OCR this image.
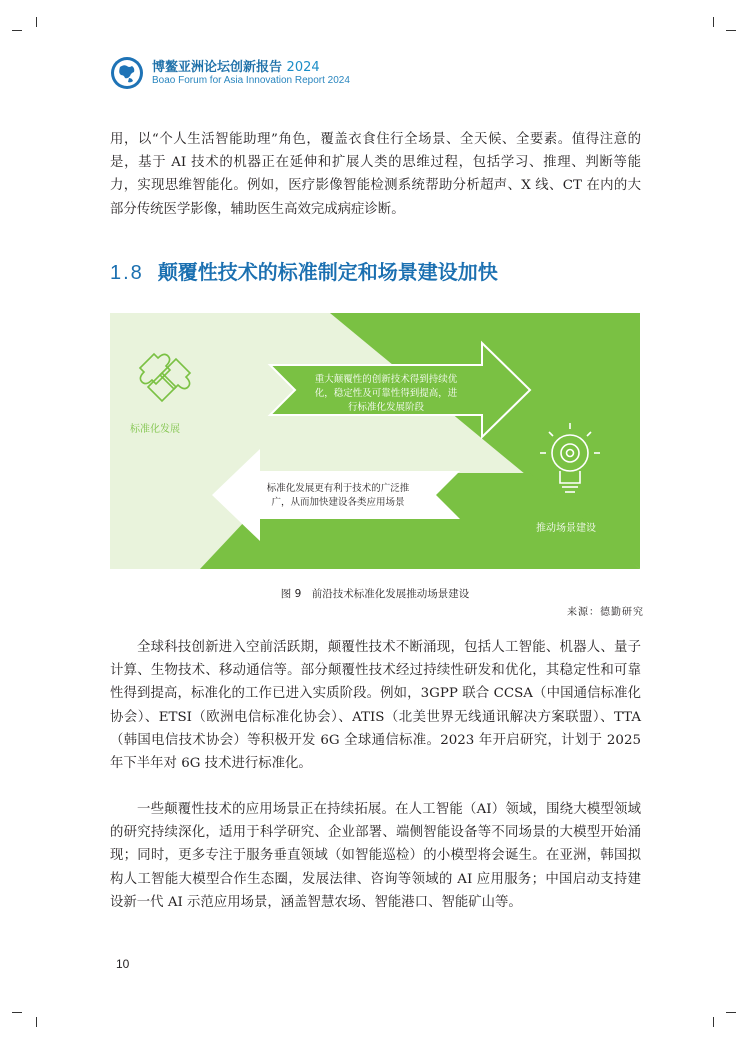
博鳌亚洲论坛创新报告 2024
Boao Forum for Asia Innovation Report 2024

用，以“个人生活智能助理”角色，覆盖衣食住行全场景、全天候、全要素。值得注意的是，基于 AI 技术的机器正在延伸和扩展人类的思维过程，包括学习、推理、判断等能力，实现思维智能化。例如，医疗影像智能检测系统帮助分析超声、X 线、CT 在内的大部分传统医学影像，辅助医生高效完成病症诊断。

1.8 颠覆性技术的标准制定和场景建设加快
标准化发展
推动场景建设
重大颠覆性的创新技术得到持续优
化，稳定性及可靠性得到提高，进
行标准化发展阶段
标准化发展更有利于技术的广泛推
广，从而加快建设各类应用场景
图 9　前沿技术标准化发展推动场景建设
来源：德勤研究

全球科技创新进入空前活跃期，颠覆性技术不断涌现，包括人工智能、机器人、量子计算、生物技术、移动通信等。部分颠覆性技术经过持续性研发和优化，其稳定性和可靠性得到提高，标准化的工作已进入实质阶段。例如，3GPP 联合 CCSA（中国通信标准化协会）、ETSI（欧洲电信标准化协会）、ATIS（北美世界无线通讯解决方案联盟）、TTA（韩国电信技术协会）等积极开发 6G 全球通信标准。2023 年开启研究，计划于 2025 年下半年对 6G 技术进行标准化。

一些颠覆性技术的应用场景正在持续拓展。在人工智能（AI）领域，围绕大模型领域的研究持续深化，适用于科学研究、企业部署、端侧智能设备等不同场景的大模型开始涌现；同时，更多专注于服务垂直领域（如智能巡检）的小模型将会诞生。在亚洲，韩国拟构人工智能大模型合作生态圈，发展法律、咨询等领域的 AI 应用服务；中国启动支持建设新一代 AI 示范应用场景，涵盖智慧农场、智能港口、智能矿山等。

10
